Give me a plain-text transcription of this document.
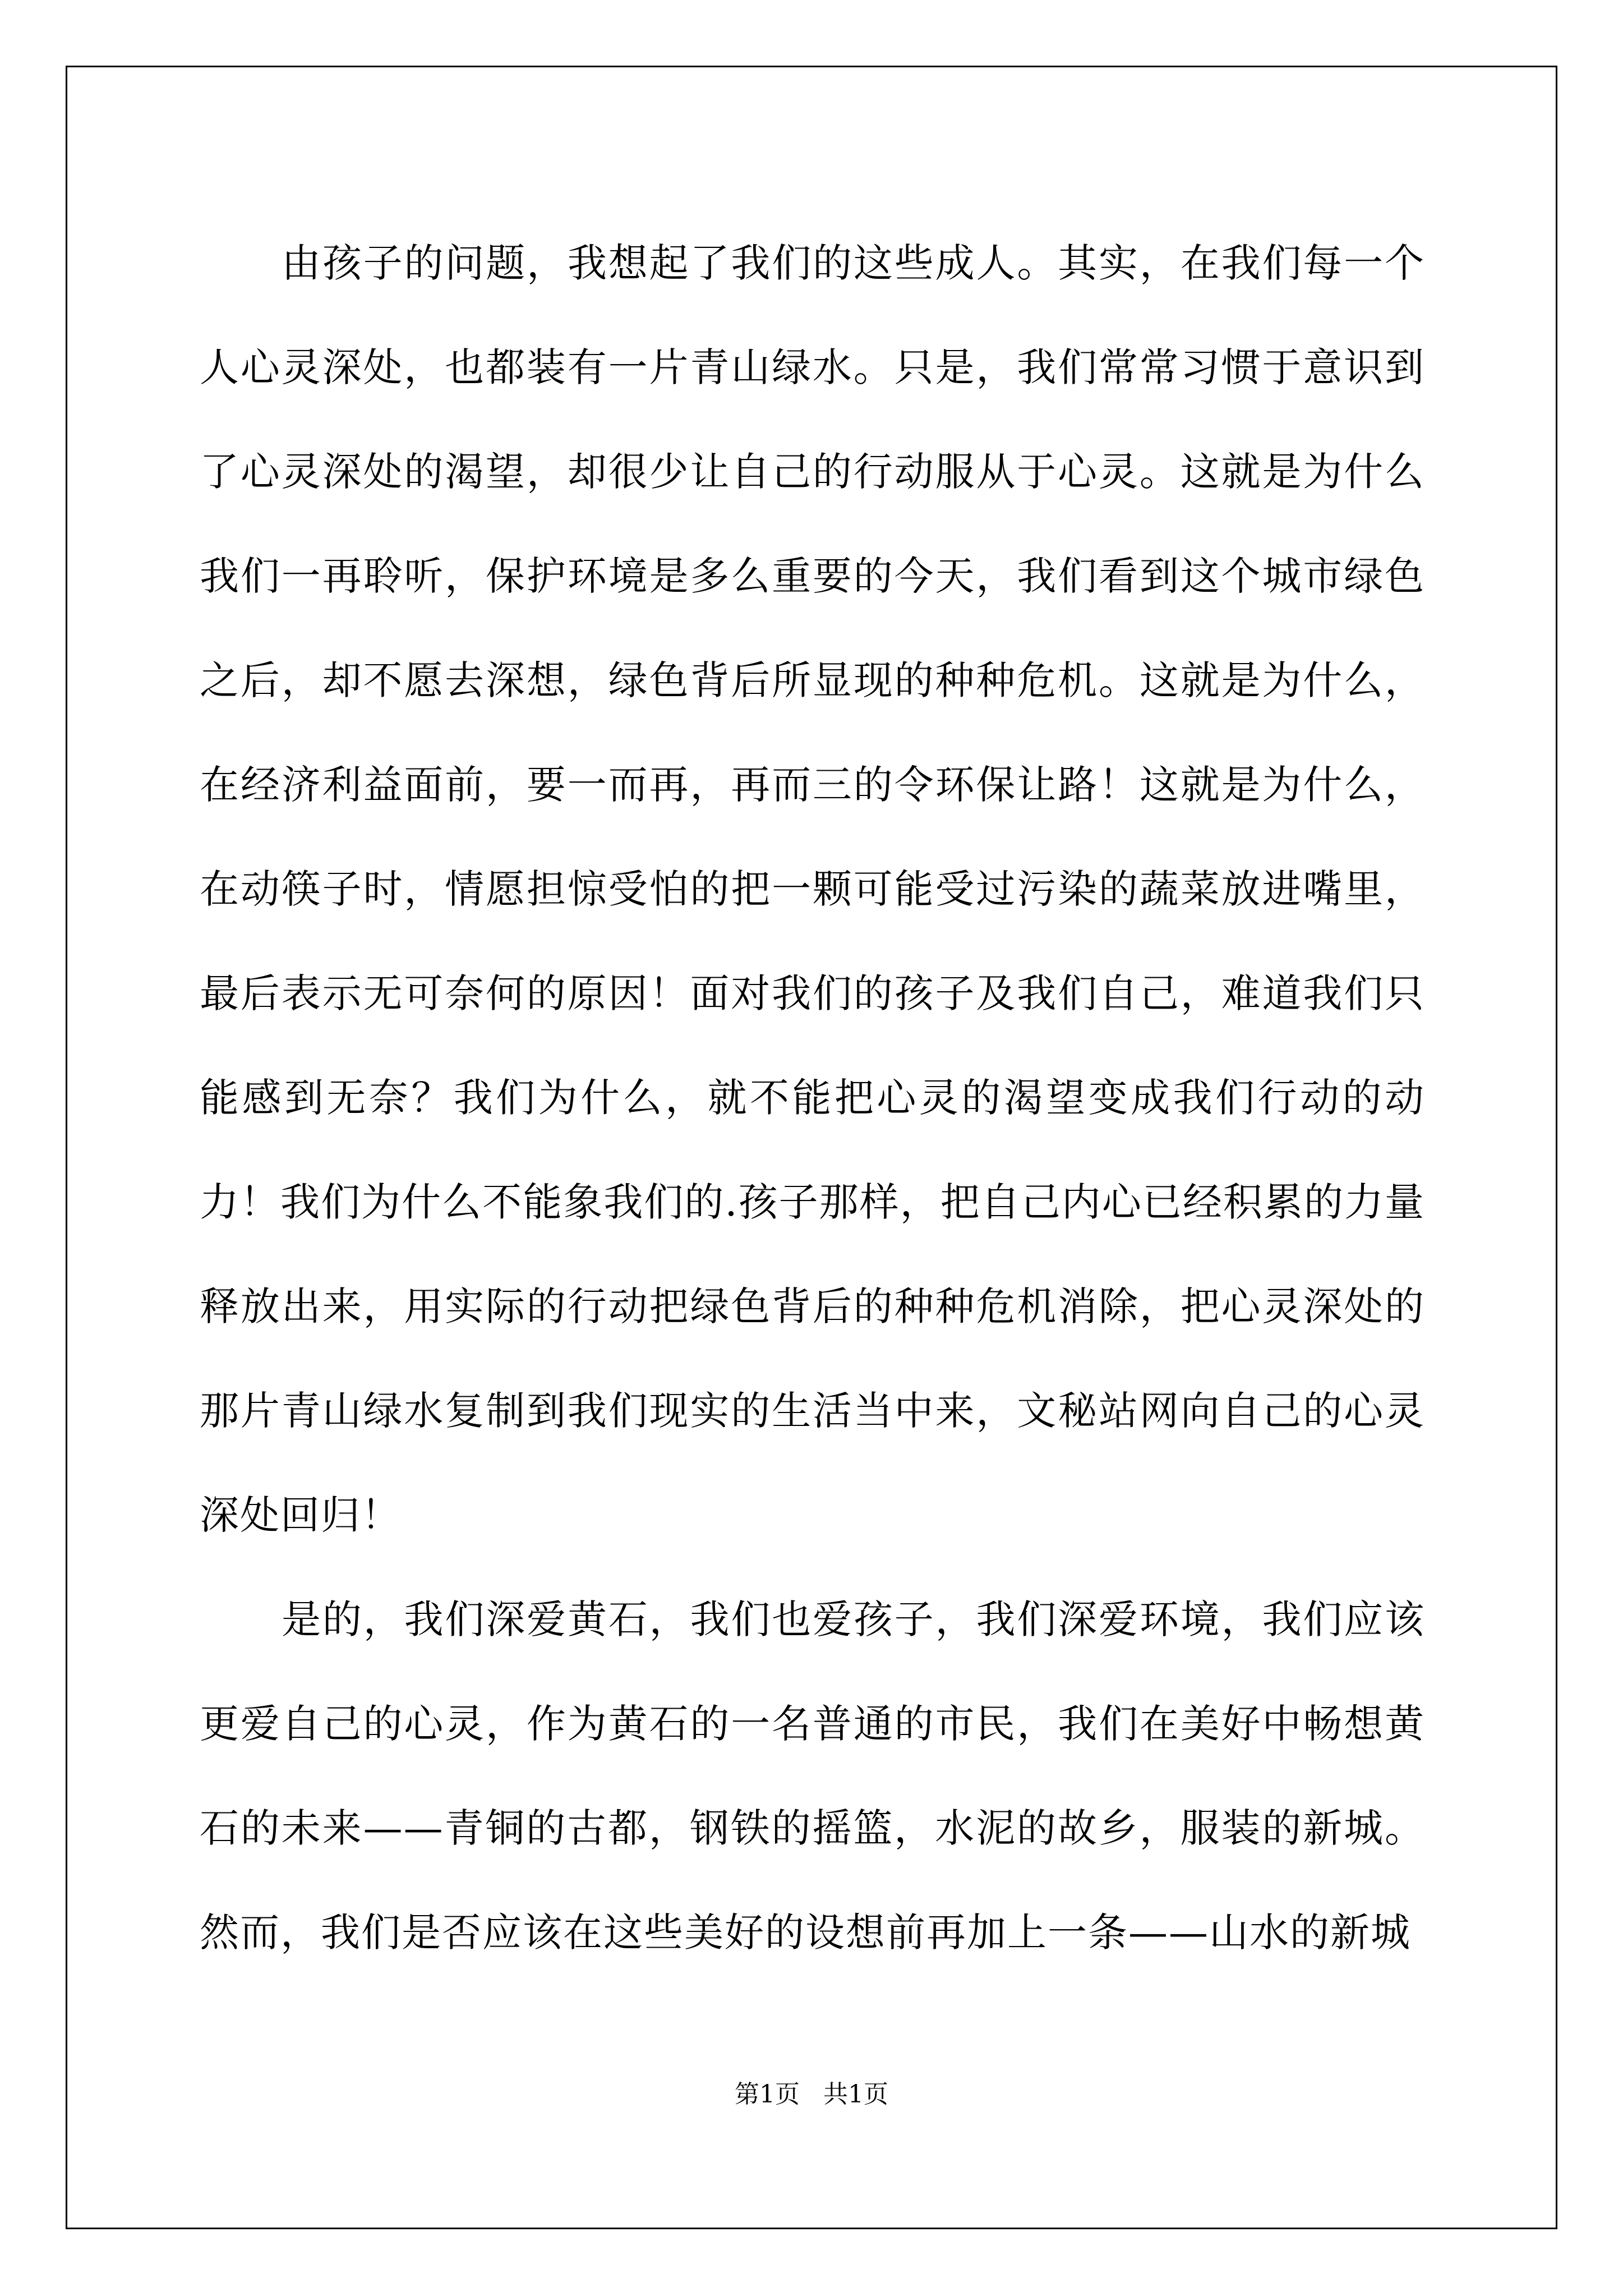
由孩子的问题，我想起了我们的这些成人。其实，在我们每一个人心灵深处，也都装有一片青山绿水。只是，我们常常习惯于意识到了心灵深处的渴望，却很少让自己的行动服从于心灵。这就是为什么我们一再聆听，保护环境是多么重要的今天，我们看到这个城市绿色之后，却不愿去深想，绿色背后所显现的种种危机。这就是为什么，在经济利益面前，要一而再，再而三的令环保让路！这就是为什么，在动筷子时，情愿担惊受怕的把一颗可能受过污染的蔬菜放进嘴里，最后表示无可奈何的原因！面对我们的孩子及我们自己，难道我们只能感到无奈？我们为什么，就不能把心灵的渴望变成我们行动的动力！我们为什么不能象我们的.孩子那样，把自己内心已经积累的力量释放出来，用实际的行动把绿色背后的种种危机消除，把心灵深处的那片青山绿水复制到我们现实的生活当中来，文秘站网向自己的心灵深处回归！

是的，我们深爱黄石，我们也爱孩子，我们深爱环境，我们应该更爱自己的心灵，作为黄石的一名普通的市民，我们在美好中畅想黄石的未来——青铜的古都，钢铁的摇篮，水泥的故乡，服装的新城。然而，我们是否应该在这些美好的设想前再加上一条——山水的新城

第1页   共1页
